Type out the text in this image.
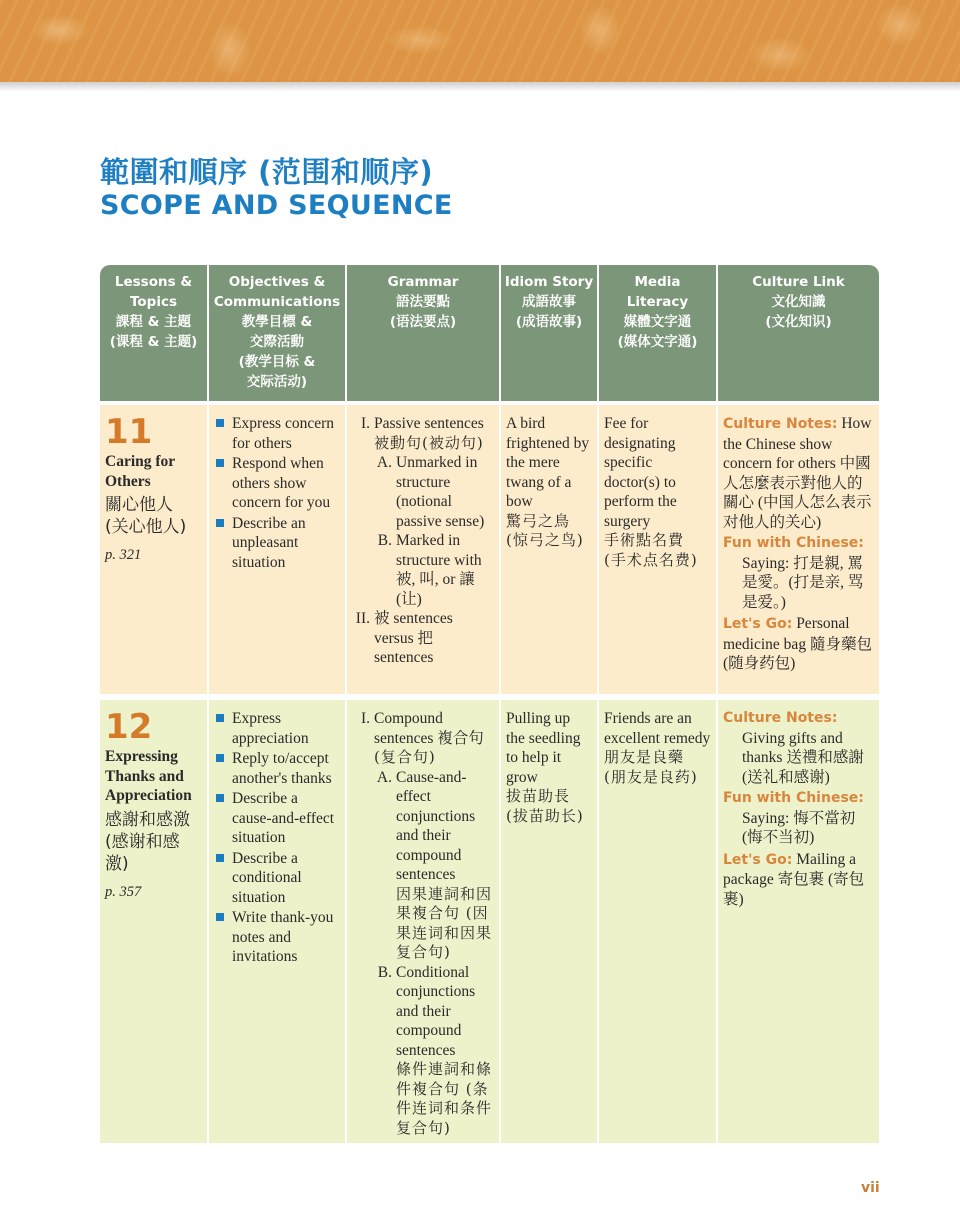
範圍和順序 (范围和顺序)
SCOPE AND SEQUENCE
Lessons &
Topics
課程 & 主題
(课程 & 主题)
Objectives &
Communications
教學目標 &
交際活動
(教学目标 &
交际活动)
Grammar
語法要點
(语法要点)
Idiom Story
成語故事
(成语故事)
Media
Literacy
媒體文字通
(媒体文字通)
Culture Link
文化知識
(文化知识)
11
Caring for Others
關心他人 (关心他人)
p. 321
Express concern for others
Respond when others show concern for you
Describe an unpleasant situation
I. Passive sentences
被動句(被动句)
A. Unmarked in structure (notional passive sense)
B. Marked in structure with 被, 叫, or 讓(让)
II. 被 sentences versus 把 sentences
A bird frightened by the mere twang of a bow
驚弓之鳥 (惊弓之鸟)
Fee for designating specific doctor(s) to perform the surgery
手術點名費 (手术点名费)
Culture Notes: How the Chinese show concern for others 中國人怎麼表示對他人的關心 (中国人怎么表示对他人的关心)
Fun with Chinese:
Saying: 打是親, 罵是愛。(打是亲, 骂是爱。)
Let's Go: Personal medicine bag 隨身藥包(随身药包)
12
Expressing Thanks and Appreciation
感謝和感激 (感谢和感激)
p. 357
Express appreciation
Reply to/accept another's thanks
Describe a cause-and-effect situation
Describe a conditional situation
Write thank-you notes and invitations
I. Compound sentences 複合句
(复合句)
A. Cause-and-effect conjunctions and their compound sentences
因果連詞和因果複合句 (因果连词和因果复合句)
B. Conditional conjunctions and their compound sentences
條件連詞和條件複合句 (条件连词和条件复合句)
Pulling up the seedling to help it grow
拔苗助長 (拔苗助长)
Friends are an excellent remedy
朋友是良藥 (朋友是良药)
Culture Notes:
Giving gifts and thanks 送禮和感謝(送礼和感谢)
Fun with Chinese:
Saying: 悔不當初 (悔不当初)
Let's Go: Mailing a package 寄包裹 (寄包裹)
vii
